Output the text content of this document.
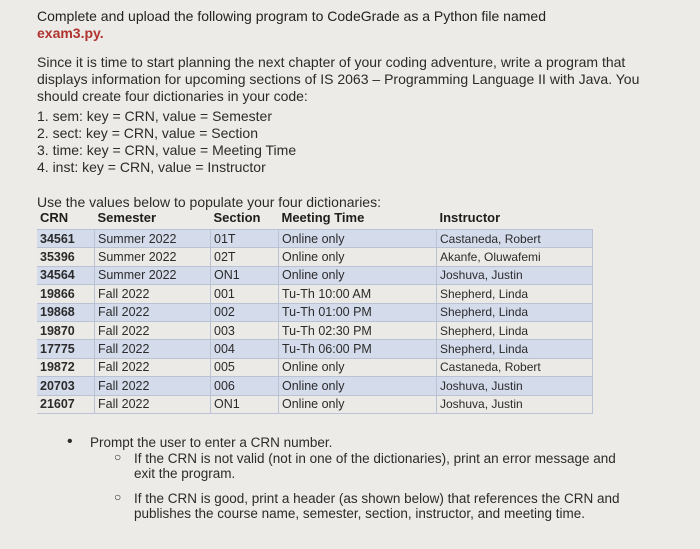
Complete and upload the following program to CodeGrade as a Python file named
exam3.py.
Since it is time to start planning the next chapter of your coding adventure, write a program that displays information for upcoming sections of IS 2063 – Programming Language II with Java. You should create four dictionaries in your code:
1. sem: key = CRN, value = Semester
2. sect: key = CRN, value = Section
3. time: key = CRN, value = Meeting Time
4. inst: key = CRN, value = Instructor
Use the values below to populate your four dictionaries:
CRN	Semester	Section	Meeting Time	Instructor
34561	Summer 2022	01T	Online only	Castaneda, Robert
35396	Summer 2022	02T	Online only	Akanfe, Oluwafemi
34564	Summer 2022	ON1	Online only	Joshuva, Justin
19866	Fall 2022	001	Tu-Th 10:00 AM	Shepherd, Linda
19868	Fall 2022	002	Tu-Th 01:00 PM	Shepherd, Linda
19870	Fall 2022	003	Tu-Th 02:30 PM	Shepherd, Linda
17775	Fall 2022	004	Tu-Th 06:00 PM	Shepherd, Linda
19872	Fall 2022	005	Online only	Castaneda, Robert
20703	Fall 2022	006	Online only	Joshuva, Justin
21607	Fall 2022	ON1	Online only	Joshuva, Justin
• Prompt the user to enter a CRN number.
○ If the CRN is not valid (not in one of the dictionaries), print an error message and exit the program.
○ If the CRN is good, print a header (as shown below) that references the CRN and publishes the course name, semester, section, instructor, and meeting time.
